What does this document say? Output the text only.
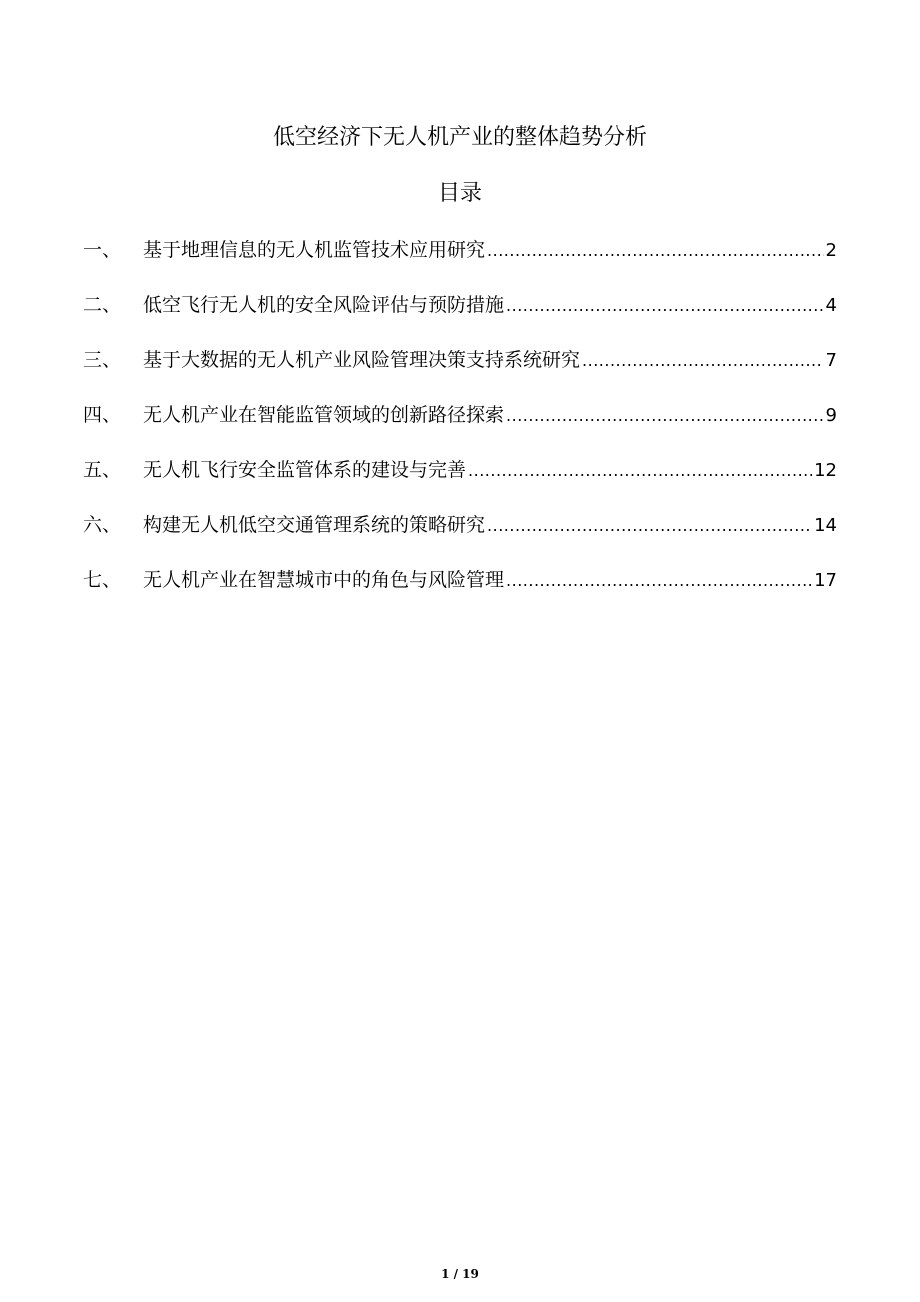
低空经济下无人机产业的整体趋势分析
目录
一、	基于地理信息的无人机监管技术应用研究 .....	2
二、	低空飞行无人机的安全风险评估与预防措施 .....	4
三、	基于大数据的无人机产业风险管理决策支持系统研究 .....	7
四、	无人机产业在智能监管领域的创新路径探索 .....	9
五、	无人机飞行安全监管体系的建设与完善 .....	12
六、	构建无人机低空交通管理系统的策略研究 .....	14
七、	无人机产业在智慧城市中的角色与风险管理 .....	17
1 / 19
